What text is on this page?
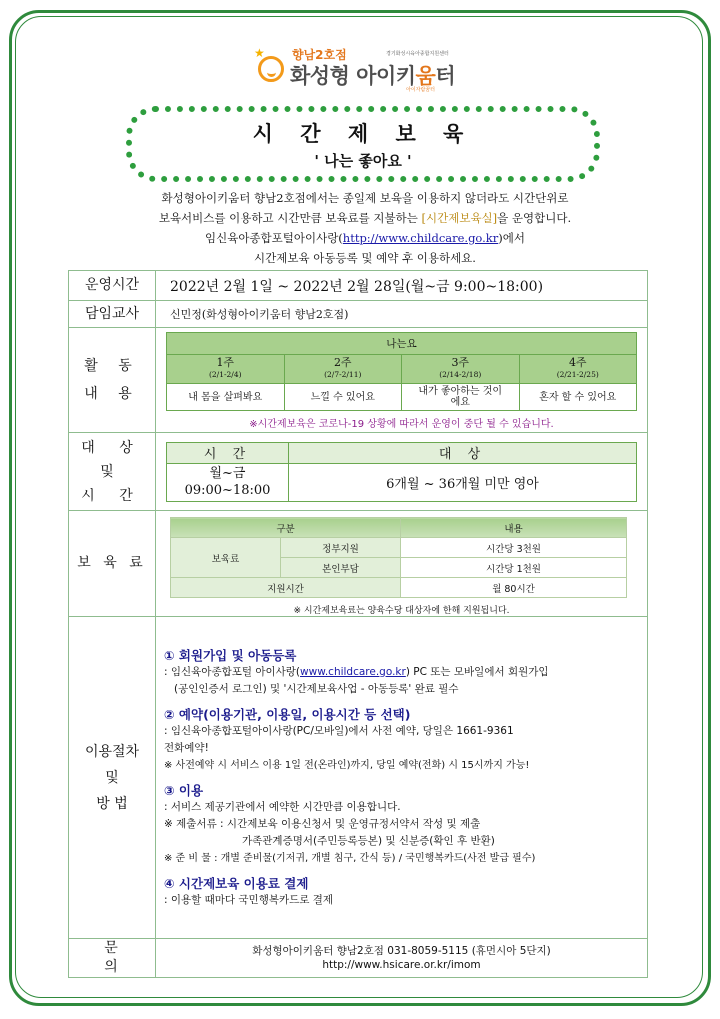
★ 향남2호점	경기화성시육아종합지원센터
화성형 아이키움터
아이자람꿈터
시 간 제 보 육
' 나는 좋아요 '

화성형아이키움터 향남2호점에서는 종일제 보육을 이용하지 않더라도 시간단위로

보육서비스를 이용하고 시간만큼 보육료를 지불하는 [시간제보육실]을 운영합니다.

임신육아종합포털아이사랑(http://www.childcare.go.kr)에서

시간제보육 아동등록 및 예약 후 이용하세요.

운영시간	2022년 2월 1일 ~ 2022년 2월 28일(월~금 9:00~18:00)
담임교사	신민정(화성형아이키움터 향남2호점)
활 동
내 용	
나는요
1주
(2/1-2/4)
	2주
(2/7-2/11)
	3주
(2/14-2/18)
	4주
(2/21-2/25)

내 몸을 살펴봐요	느낄 수 있어요	내가 좋아하는 것이에요	혼자 할 수 있어요
※시간제보육은 코로나-19 상황에 따라서 운영이 중단 될 수 있습니다.

대 상
및
시 간	
시 간	대 상

월~금
09:00~18:00	6개월 ~ 36개월 미만 영아

보 육 료	
구분	내용
보육료	정부지원	시간당 3천원
본인부담	시간당 1천원
지원시간	월 80시간
※ 시간제보육료는 양육수당 대상자에 한해 지원됩니다.

이용절차
및
방 법	
① 회원가입 및 아동등록

: 임신육아종합포털 아이사랑(www.childcare.go.kr) PC 또는 모바일에서 회원가입

(공인인증서 로그인) 및 '시간제보육사업 - 아동등록' 완료 필수

② 예약(이용기관, 이용일, 이용시간 등 선택)

: 임신육아종합포털아이사랑(PC/모바일)에서 사전 예약, 당일은 1661-9361

전화예약!

※ 사전예약 시 서비스 이용 1일 전(온라인)까지, 당일 예약(전화) 시 15시까지 가능!

③ 이용

: 서비스 제공기관에서 예약한 시간만큼 이용합니다.

※ 제출서류 : 시간제보육 이용신청서 및 운영규정서약서 작성 및 제출

가족관계증명서(주민등록등본) 및 신분증(확인 후 반환)

※ 준 비 물 : 개별 준비물(기저귀, 개별 침구, 간식 등) / 국민행복카드(사전 발급 필수)

④ 시간제보육 이용료 결제

: 이용할 때마다 국민행복카드로 결제

문 의	
화성형아이키움터 향남2호점 031-8059-5115 (휴먼시아 5단지)
http://www.hsicare.or.kr/imom
